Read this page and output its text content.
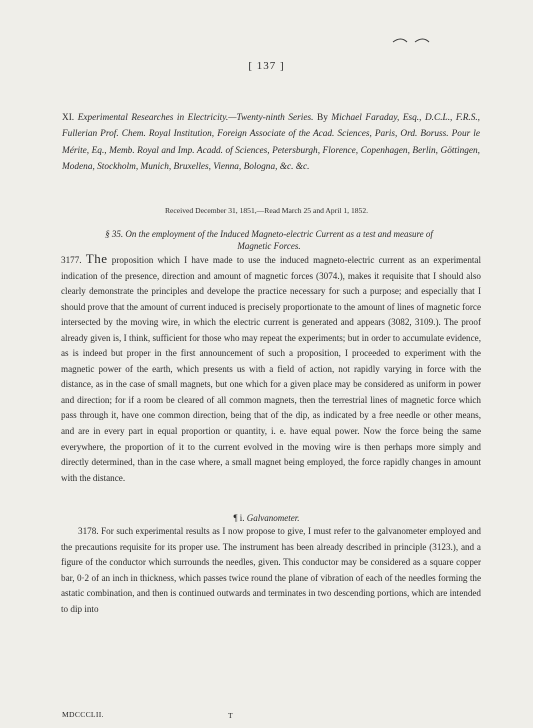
D. Sr. Robison
from the Author
[ 137 ]
XI. Experimental Researches in Electricity.—Twenty-ninth Series. By Michael Faraday, Esq., D.C.L., F.R.S., Fullerian Prof. Chem. Royal Institution, Foreign Associate of the Acad. Sciences, Paris, Ord. Boruss. Pour le Mérite, Eq., Memb. Royal and Imp. Acadd. of Sciences, Petersburgh, Florence, Copenhagen, Berlin, Göttingen, Modena, Stockholm, Munich, Bruxelles, Vienna, Bologna, &c. &c.
Received December 31, 1851,—Read March 25 and April 1, 1852.
§ 35. On the employment of the Induced Magneto-electric Current as a test and measure of Magnetic Forces.
3177. The proposition which I have made to use the induced magneto-electric current as an experimental indication of the presence, direction and amount of magnetic forces (3074.), makes it requisite that I should also clearly demonstrate the principles and develope the practice necessary for such a purpose; and especially that I should prove that the amount of current induced is precisely proportionate to the amount of lines of magnetic force intersected by the moving wire, in which the electric current is generated and appears (3082, 3109.). The proof already given is, I think, sufficient for those who may repeat the experiments; but in order to accumulate evidence, as is indeed but proper in the first announcement of such a proposition, I proceeded to experiment with the magnetic power of the earth, which presents us with a field of action, not rapidly varying in force with the distance, as in the case of small magnets, but one which for a given place may be considered as uniform in power and direction; for if a room be cleared of all common magnets, then the terrestrial lines of magnetic force which pass through it, have one common direction, being that of the dip, as indicated by a free needle or other means, and are in every part in equal proportion or quantity, i. e. have equal power. Now the force being the same everywhere, the proportion of it to the current evolved in the moving wire is then perhaps more simply and directly determined, than in the case where, a small magnet being employed, the force rapidly changes in amount with the distance.
¶ i. Galvanometer.
3178. For such experimental results as I now propose to give, I must refer to the galvanometer employed and the precautions requisite for its proper use. The instrument has been already described in principle (3123.), and a figure of the conductor which surrounds the needles, given. This conductor may be considered as a square copper bar, 0·2 of an inch in thickness, which passes twice round the plane of vibration of each of the needles forming the astatic combination, and then is continued outwards and terminates in two descending portions, which are intended to dip into
MDCCCLII.	T
